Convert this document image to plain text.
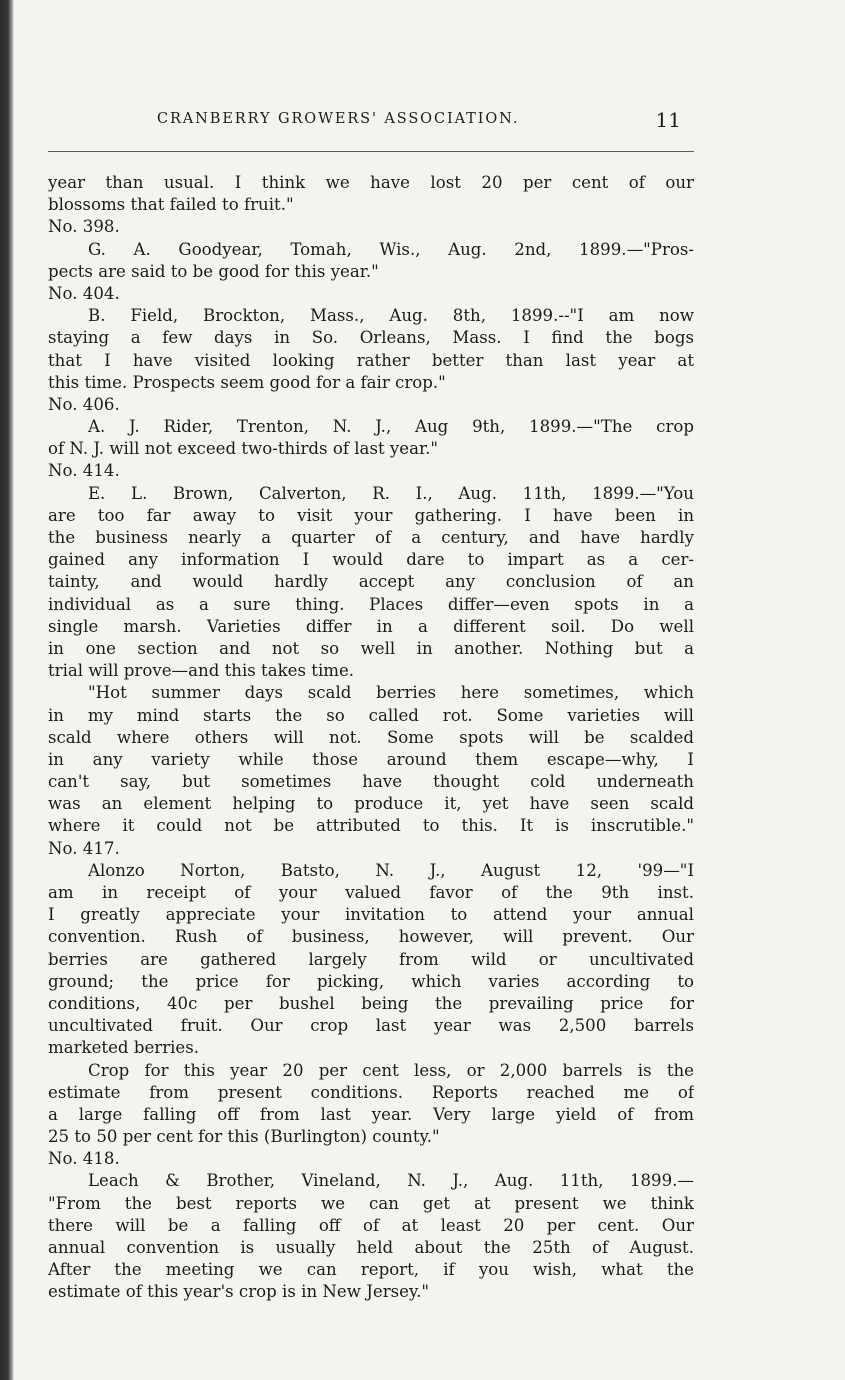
CRANBERRY GROWERS' ASSOCIATION.	11
year than usual. I think we have lost 20 per cent of our
blossoms that failed to fruit."
No. 398.
G. A. Goodyear, Tomah, Wis., Aug. 2nd, 1899.—"Pros-
pects are said to be good for this year."
No. 404.
B. Field, Brockton, Mass., Aug. 8th, 1899.--"I am now
staying a few days in So. Orleans, Mass. I find the bogs
that I have visited looking rather better than last year at
this time. Prospects seem good for a fair crop."
No. 406.
A. J. Rider, Trenton, N. J., Aug 9th, 1899.—"The crop
of N. J. will not exceed two-thirds of last year."
No. 414.
E. L. Brown, Calverton, R. I., Aug. 11th, 1899.—"You
are too far away to visit your gathering. I have been in
the business nearly a quarter of a century, and have hardly
gained any information I would dare to impart as a cer-
tainty, and would hardly accept any conclusion of an
individual as a sure thing. Places differ—even spots in a
single marsh. Varieties differ in a different soil. Do well
in one section and not so well in another. Nothing but a
trial will prove—and this takes time.
"Hot summer days scald berries here sometimes, which
in my mind starts the so called rot. Some varieties will
scald where others will not. Some spots will be scalded
in any variety while those around them escape—why, I
can't say, but sometimes have thought cold underneath
was an element helping to produce it, yet have seen scald
where it could not be attributed to this. It is inscrutible."
No. 417.
Alonzo Norton, Batsto, N. J., August 12, '99—"I
am in receipt of your valued favor of the 9th inst.
I greatly appreciate your invitation to attend your annual
convention. Rush of business, however, will prevent. Our
berries are gathered largely from wild or uncultivated
ground; the price for picking, which varies according to
conditions, 40c per bushel being the prevailing price for
uncultivated fruit. Our crop last year was 2,500 barrels
marketed berries.
Crop for this year 20 per cent less, or 2,000 barrels is the
estimate from present conditions. Reports reached me of
a large falling off from last year. Very large yield of from
25 to 50 per cent for this (Burlington) county."
No. 418.
Leach & Brother, Vineland, N. J., Aug. 11th, 1899.—
"From the best reports we can get at present we think
there will be a falling off of at least 20 per cent. Our
annual convention is usually held about the 25th of August.
After the meeting we can report, if you wish, what the
estimate of this year's crop is in New Jersey."
